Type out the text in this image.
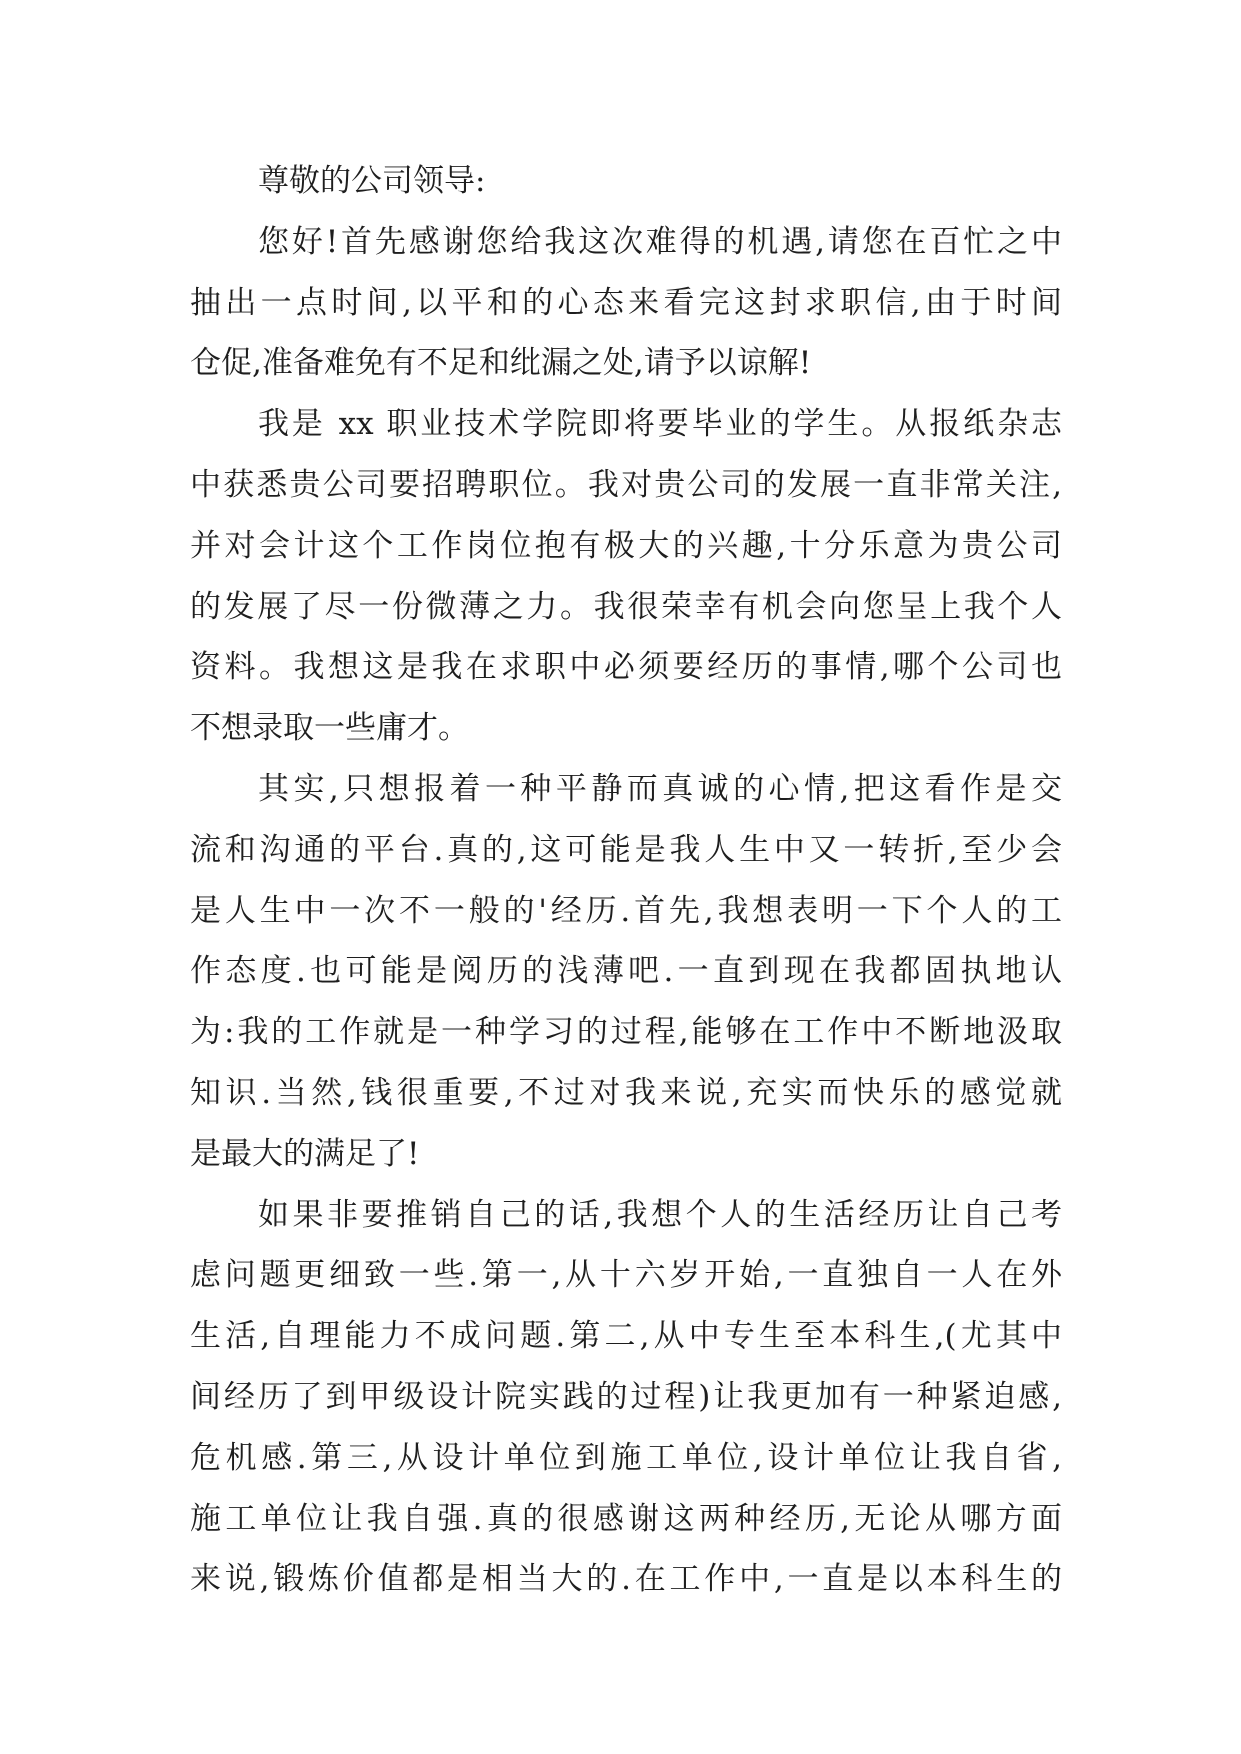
尊敬的公司领导:
您好!首先感谢您给我这次难得的机遇,请您在百忙之中
抽出一点时间,以平和的心态来看完这封求职信,由于时间
仓促,准备难免有不足和纰漏之处,请予以谅解!
我是 xx 职业技术学院即将要毕业的学生。从报纸杂志
中获悉贵公司要招聘职位。我对贵公司的发展一直非常关注,
并对会计这个工作岗位抱有极大的兴趣,十分乐意为贵公司
的发展了尽一份微薄之力。我很荣幸有机会向您呈上我个人
资料。我想这是我在求职中必须要经历的事情,哪个公司也
不想录取一些庸才。
其实,只想报着一种平静而真诚的心情,把这看作是交
流和沟通的平台.真的,这可能是我人生中又一转折,至少会
是人生中一次不一般的'经历.首先,我想表明一下个人的工
作态度.也可能是阅历的浅薄吧.一直到现在我都固执地认
为:我的工作就是一种学习的过程,能够在工作中不断地汲取
知识.当然,钱很重要,不过对我来说,充实而快乐的感觉就
是最大的满足了!
如果非要推销自己的话,我想个人的生活经历让自己考
虑问题更细致一些.第一,从十六岁开始,一直独自一人在外
生活,自理能力不成问题.第二,从中专生至本科生,(尤其中
间经历了到甲级设计院实践的过程)让我更加有一种紧迫感,
危机感.第三,从设计单位到施工单位,设计单位让我自省,
施工单位让我自强.真的很感谢这两种经历,无论从哪方面
来说,锻炼价值都是相当大的.在工作中,一直是以本科生的
